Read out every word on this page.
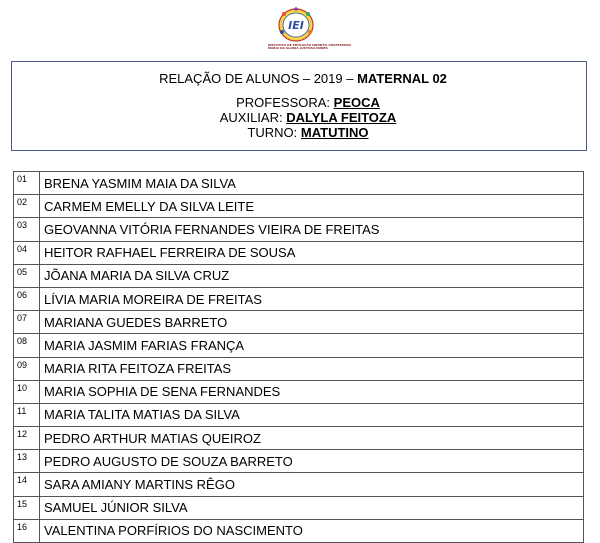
IEI
INSTITUTO DE EDUCAÇÃO INFANTIL PROFESSORA
MARIA DA GLÓRIA LUSTOSA NUNES
RELAÇÃO DE ALUNOS – 2019 – MATERNAL 02
PROFESSORA: PEOCA
AUXILIAR: DALYLA FEITOZA
TURNO: MATUTINO
01	BRENA YASMIM MAIA DA SILVA
02	CARMEM EMELLY DA SILVA LEITE
03	GEOVANNA VITÓRIA FERNANDES VIEIRA DE FREITAS
04	HEITOR RAFHAEL FERREIRA DE SOUSA
05	JÕANA MARIA DA SILVA CRUZ
06	LÍVIA MARIA MOREIRA DE FREITAS
07	MARIANA GUEDES BARRETO
08	MARIA JASMIM FARIAS FRANÇA
09	MARIA RITA FEITOZA FREITAS
10	MARIA SOPHIA DE SENA FERNANDES
11	MARIA TALITA MATIAS DA SILVA
12	PEDRO ARTHUR MATIAS QUEIROZ
13	PEDRO AUGUSTO DE SOUZA BARRETO
14	SARA AMIANY MARTINS RÊGO
15	SAMUEL JÚNIOR SILVA
16	VALENTINA PORFÍRIOS DO NASCIMENTO
